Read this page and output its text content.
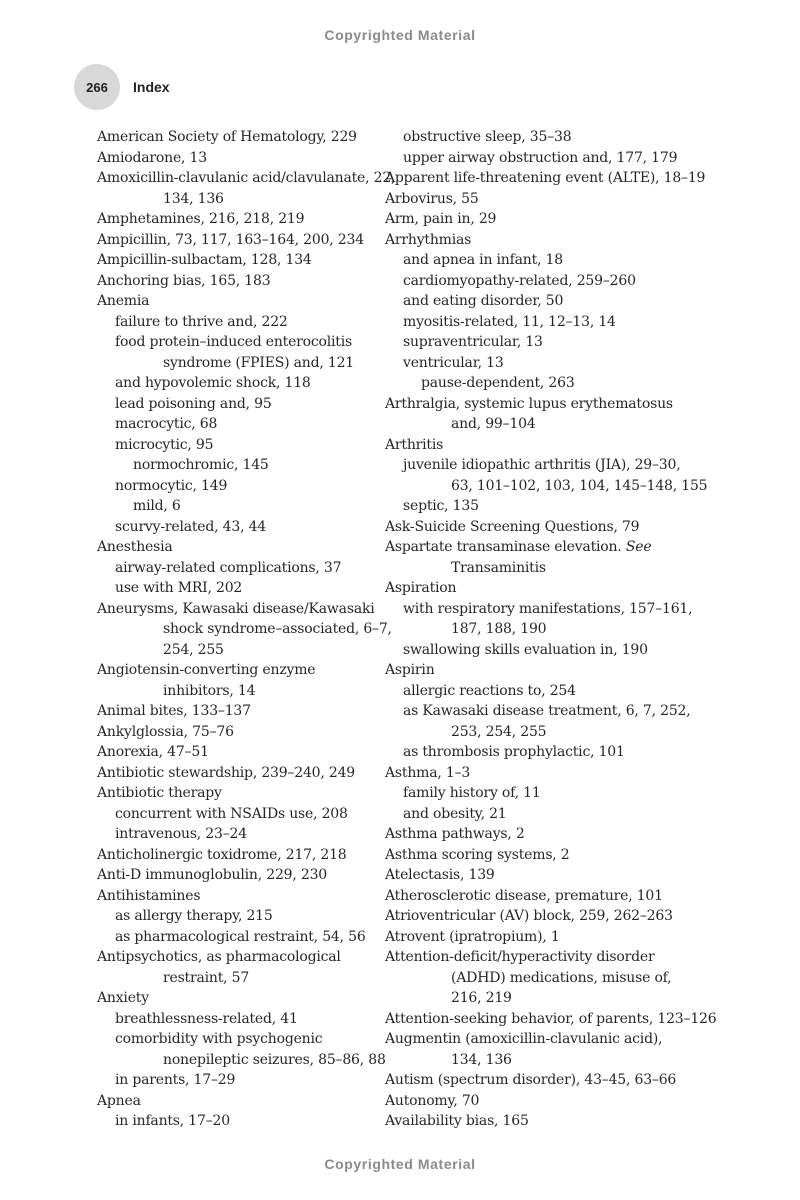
Copyrighted Material
266 Index
American Society of Hematology, 229
Amiodarone, 13
Amoxicillin-clavulanic acid/clavulanate, 22,
134, 136
Amphetamines, 216, 218, 219
Ampicillin, 73, 117, 163–164, 200, 234
Ampicillin-sulbactam, 128, 134
Anchoring bias, 165, 183
Anemia
failure to thrive and, 222
food protein–induced enterocolitis
syndrome (FPIES) and, 121
and hypovolemic shock, 118
lead poisoning and, 95
macrocytic, 68
microcytic, 95
normochromic, 145
normocytic, 149
mild, 6
scurvy-related, 43, 44
Anesthesia
airway-related complications, 37
use with MRI, 202
Aneurysms, Kawasaki disease/Kawasaki
shock syndrome–associated, 6–7,
254, 255
Angiotensin-converting enzyme
inhibitors, 14
Animal bites, 133–137
Ankylglossia, 75–76
Anorexia, 47–51
Antibiotic stewardship, 239–240, 249
Antibiotic therapy
concurrent with NSAIDs use, 208
intravenous, 23–24
Anticholinergic toxidrome, 217, 218
Anti-D immunoglobulin, 229, 230
Antihistamines
as allergy therapy, 215
as pharmacological restraint, 54, 56
Antipsychotics, as pharmacological
restraint, 57
Anxiety
breathlessness-related, 41
comorbidity with psychogenic
nonepileptic seizures, 85–86, 88
in parents, 17–29
Apnea
in infants, 17–20
obstructive sleep, 35–38
upper airway obstruction and, 177, 179
Apparent life-threatening event (ALTE), 18–19
Arbovirus, 55
Arm, pain in, 29
Arrhythmias
and apnea in infant, 18
cardiomyopathy-related, 259–260
and eating disorder, 50
myositis-related, 11, 12–13, 14
supraventricular, 13
ventricular, 13
pause-dependent, 263
Arthralgia, systemic lupus erythematosus
and, 99–104
Arthritis
juvenile idiopathic arthritis (JIA), 29–30,
63, 101–102, 103, 104, 145–148, 155
septic, 135
Ask-Suicide Screening Questions, 79
Aspartate transaminase elevation. See
Transaminitis
Aspiration
with respiratory manifestations, 157–161,
187, 188, 190
swallowing skills evaluation in, 190
Aspirin
allergic reactions to, 254
as Kawasaki disease treatment, 6, 7, 252,
253, 254, 255
as thrombosis prophylactic, 101
Asthma, 1–3
family history of, 11
and obesity, 21
Asthma pathways, 2
Asthma scoring systems, 2
Atelectasis, 139
Atherosclerotic disease, premature, 101
Atrioventricular (AV) block, 259, 262–263
Atrovent (ipratropium), 1
Attention-deficit/hyperactivity disorder
(ADHD) medications, misuse of,
216, 219
Attention-seeking behavior, of parents, 123–126
Augmentin (amoxicillin-clavulanic acid),
134, 136
Autism (spectrum disorder), 43–45, 63–66
Autonomy, 70
Availability bias, 165
Copyrighted Material
